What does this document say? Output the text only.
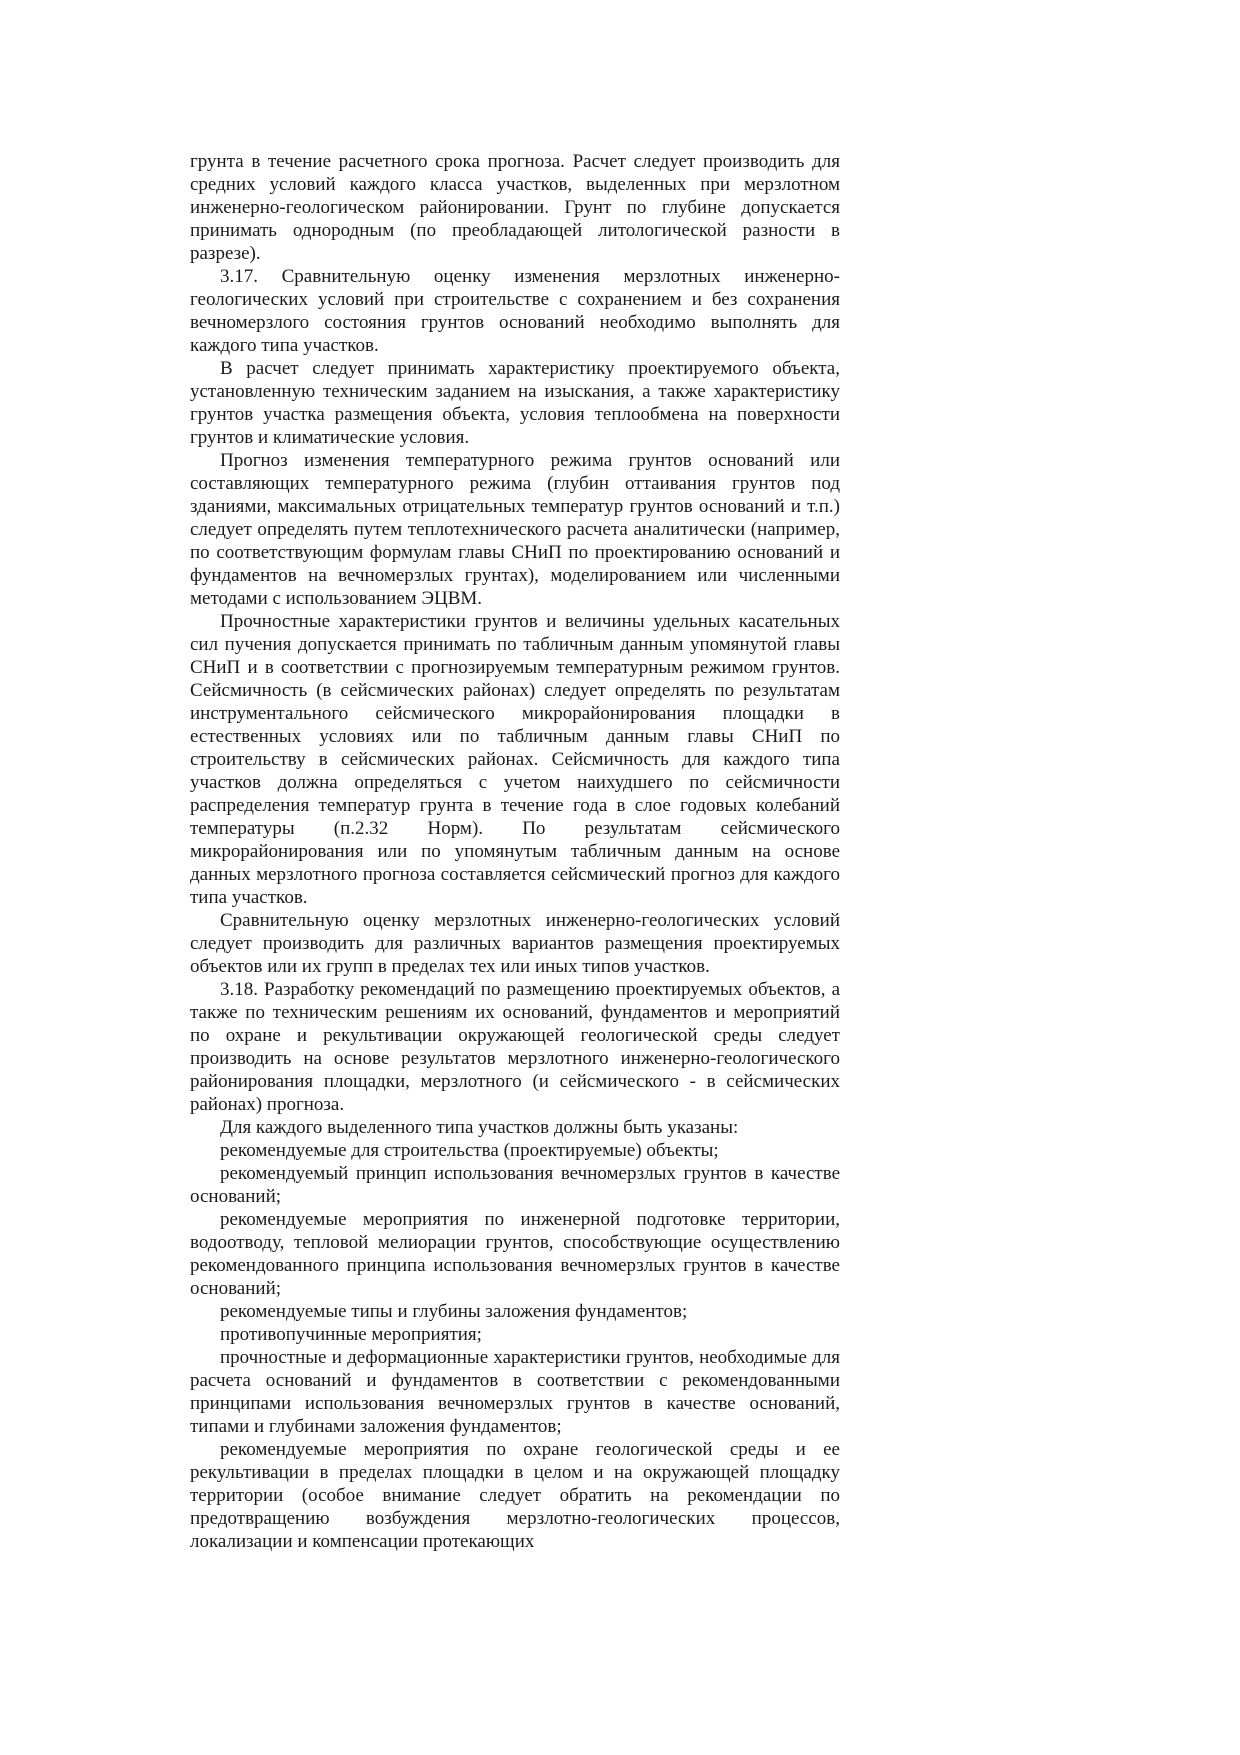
грунта в течение расчетного срока прогноза. Расчет следует производить для средних условий каждого класса участков, выделенных при мерзлотном инженерно-геологическом районировании. Грунт по глубине допускается принимать однородным (по преобладающей литологической разности в разрезе).

3.17. Сравнительную оценку изменения мерзлотных инженерно-геологических условий при строительстве с сохранением и без сохранения вечномерзлого состояния грунтов оснований необходимо выполнять для каждого типа участков.

В расчет следует принимать характеристику проектируемого объекта, установленную техническим заданием на изыскания, а также характеристику грунтов участка размещения объекта, условия теплообмена на поверхности грунтов и климатические условия.

Прогноз изменения температурного режима грунтов оснований или составляющих температурного режима (глубин оттаивания грунтов под зданиями, максимальных отрицательных температур грунтов оснований и т.п.) следует определять путем теплотехнического расчета аналитически (например, по соответствующим формулам главы СНиП по проектированию оснований и фундаментов на вечномерзлых грунтах), моделированием или численными методами с использованием ЭЦВМ.

Прочностные характеристики грунтов и величины удельных касательных сил пучения допускается принимать по табличным данным упомянутой главы СНиП и в соответствии с прогнозируемым температурным режимом грунтов. Сейсмичность (в сейсмических районах) следует определять по результатам инструментального сейсмического микрорайонирования площадки в естественных условиях или по табличным данным главы СНиП по строительству в сейсмических районах. Сейсмичность для каждого типа участков должна определяться с учетом наихудшего по сейсмичности распределения температур грунта в течение года в слое годовых колебаний температуры (п.2.32 Норм). По результатам сейсмического микрорайонирования или по упомянутым табличным данным на основе данных мерзлотного прогноза составляется сейсмический прогноз для каждого типа участков.

Сравнительную оценку мерзлотных инженерно-геологических условий следует производить для различных вариантов размещения проектируемых объектов или их групп в пределах тех или иных типов участков.

3.18. Разработку рекомендаций по размещению проектируемых объектов, а также по техническим решениям их оснований, фундаментов и мероприятий по охране и рекультивации окружающей геологической среды следует производить на основе результатов мерзлотного инженерно-геологического районирования площадки, мерзлотного (и сейсмического - в сейсмических районах) прогноза.

Для каждого выделенного типа участков должны быть указаны:

рекомендуемые для строительства (проектируемые) объекты;

рекомендуемый принцип использования вечномерзлых грунтов в качестве оснований;

рекомендуемые мероприятия по инженерной подготовке территории, водоотводу, тепловой мелиорации грунтов, способствующие осуществлению рекомендованного принципа использования вечномерзлых грунтов в качестве оснований;

рекомендуемые типы и глубины заложения фундаментов;

противопучинные мероприятия;

прочностные и деформационные характеристики грунтов, необходимые для расчета оснований и фундаментов в соответствии с рекомендованными принципами использования вечномерзлых грунтов в качестве оснований, типами и глубинами заложения фундаментов;

рекомендуемые мероприятия по охране геологической среды и ее рекультивации в пределах площадки в целом и на окружающей площадку территории (особое внимание следует обратить на рекомендации по предотвращению возбуждения мерзлотно-геологических процессов, локализации и компенсации протекающих
